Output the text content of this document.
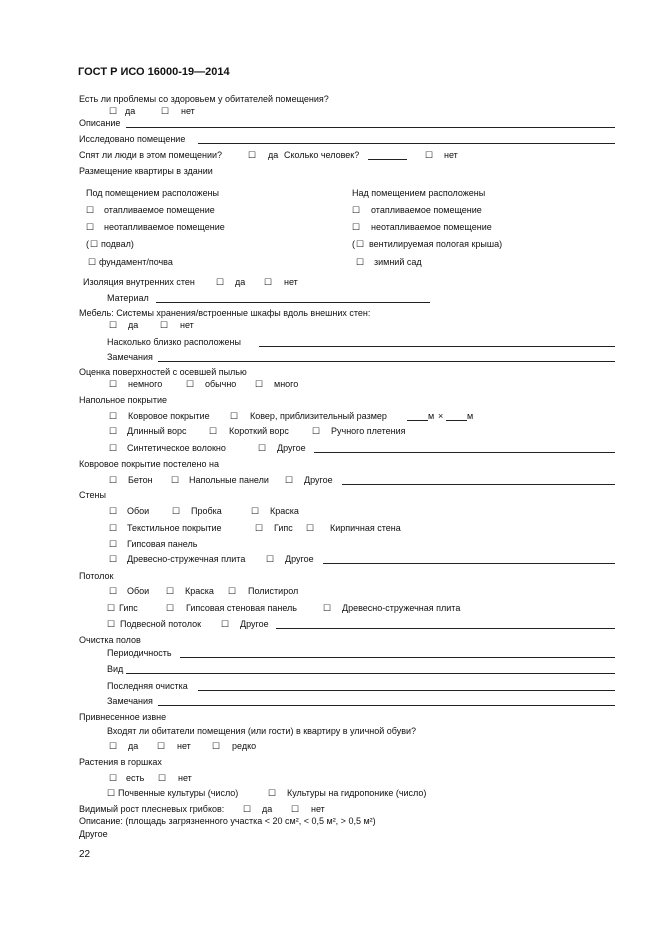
ГОСТ Р ИСО 16000-19—2014
Есть ли проблемы со здоровьем у обитателей помещения?
☐ да	☐ нет
Описание
Исследовано помещение
Спят ли люди в этом помещении?	☐ да Сколько человек?	☐ нет
Размещение квартиры в здании
Под помещением расположены	Над помещением расположены
☐ отапливаемое помещение	☐ отапливаемое помещение
☐ неотапливаемое помещение	☐ неотапливаемое помещение
( ☐ подвал)	( ☐ вентилируемая пологая крыша)
☐ фундамент/почва	☐ зимний сад
Изоляция внутренних стен ☐ да ☐ нет
Материал
Мебель: Системы хранения/встроенные шкафы вдоль внешних стен:
☐ да ☐ нет
Насколько близко расположены
Замечания
Оценка поверхностей с осевшей пылью
☐ немного	☐ обычно ☐ много
Напольное покрытие
☐ Ковровое покрытие ☐ Ковер, приблизительный размер	м ×	м
☐ Длинный ворс ☐ Короткий ворс	☐ Ручного плетения
☐ Синтетическое волокно	☐ Другое
Ковровое покрытие постелено на
☐ Бетон ☐ Напольные панели ☐ Другое
Стены
☐ Обои	☐ Пробка	☐ Краска
☐ Текстильное покрытие	☐ Гипс ☐ Кирпичная стена
☐ Гипсовая панель
☐ Древесно-стружечная плита ☐ Другое
Потолок
☐ Обои ☐ Краска ☐ Полистирол
☐ Гипс	☐ Гипсовая стеновая панель	☐ Древесно-стружечная плита
☐ Подвесной потолок ☐ Другое
Очистка полов
Периодичность
Вид
Последняя очистка
Замечания
Привнесенное извне
Входят ли обитатели помещения (или гости) в квартиру в уличной обуви?
☐ да ☐ нет ☐ редко
Растения в горшках
☐ есть ☐ нет
☐ Почвенные культуры (число)	☐ Культуры на гидропонике (число)
Видимый рост плесневых грибков: ☐ да ☐ нет
Описание: (площадь загрязненного участка < 20 см², < 0,5 м², > 0,5 м²)
Другое
22
